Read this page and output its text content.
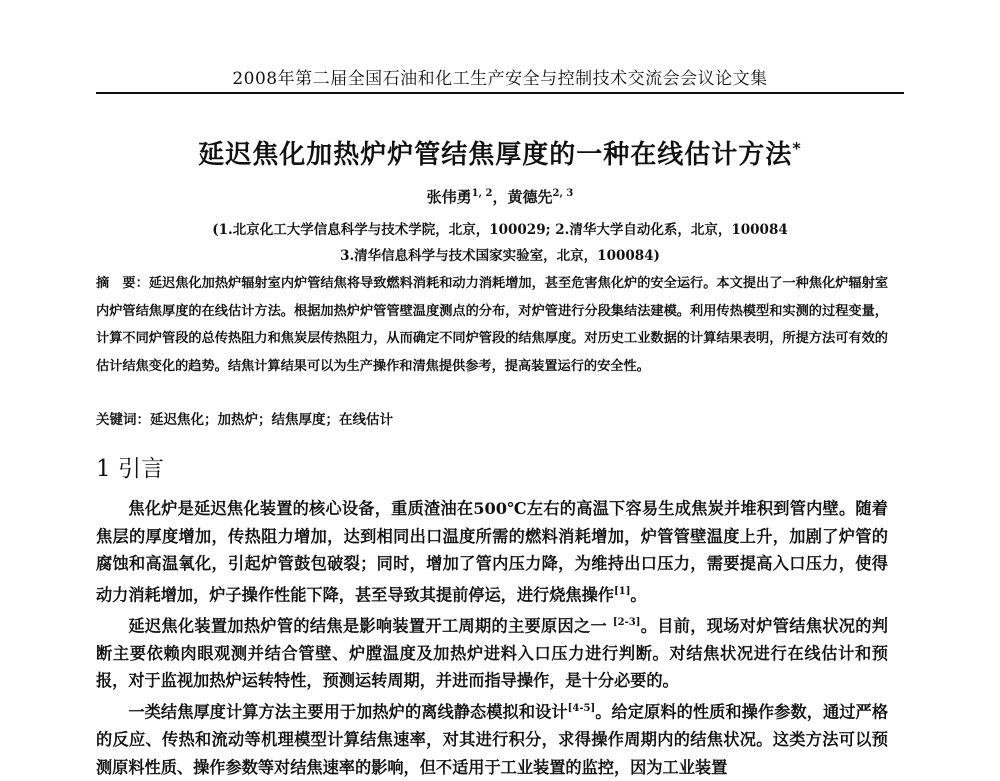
2008年第二届全国石油和化工生产安全与控制技术交流会会议论文集
延迟焦化加热炉炉管结焦厚度的一种在线估计方法*
张伟勇$^{1, 2}$，黄德先$^{2, 3}$
(1.北京化工大学信息科学与技术学院，北京，100029; 2.清华大学自动化系，北京，100084
3.清华信息科学与技术国家实验室，北京，100084)

摘　要：延迟焦化加热炉辐射室内炉管结焦将导致燃料消耗和动力消耗增加，甚至危害焦化炉的安全运行。本文提出了一种焦化炉辐射室内炉管结焦厚度的在线估计方法。根据加热炉炉管管壁温度测点的分布，对炉管进行分段集结法建模。利用传热模型和实测的过程变量，计算不同炉管段的总传热阻力和焦炭层传热阻力，从而确定不同炉管段的结焦厚度。对历史工业数据的计算结果表明，所提方法可有效的估计结焦变化的趋势。结焦计算结果可以为生产操作和清焦提供参考，提高装置运行的安全性。

关键词：延迟焦化；加热炉；结焦厚度；在线估计

1 引言

焦化炉是延迟焦化装置的核心设备，重质渣油在500℃左右的高温下容易生成焦炭并堆积到管内壁。随着焦层的厚度增加，传热阻力增加，达到相同出口温度所需的燃料消耗增加，炉管管壁温度上升，加剧了炉管的腐蚀和高温氧化，引起炉管鼓包破裂；同时，增加了管内压力降，为维持出口压力，需要提高入口压力，使得动力消耗增加，炉子操作性能下降，甚至导致其提前停运，进行烧焦操作[1]。

延迟焦化装置加热炉管的结焦是影响装置开工周期的主要原因之一 [2-3]。目前，现场对炉管结焦状况的判断主要依赖肉眼观测并结合管壁、炉膛温度及加热炉进料入口压力进行判断。对结焦状况进行在线估计和预报，对于监视加热炉运转特性，预测运转周期，并进而指导操作，是十分必要的。

一类结焦厚度计算方法主要用于加热炉的离线静态模拟和设计[4-5]。给定原料的性质和操作参数，通过严格的反应、传热和流动等机理模型计算结焦速率，对其进行积分，求得操作周期内的结焦状况。这类方法可以预测原料性质、操作参数等对结焦速率的影响，但不适用于工业装置的监控，因为工业装置
